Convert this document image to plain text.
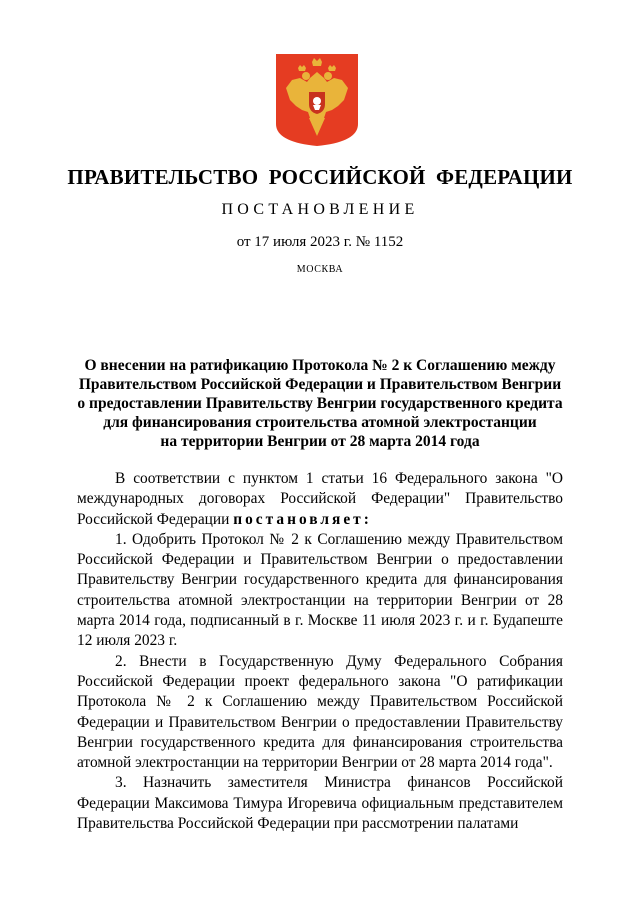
ПРАВИТЕЛЬСТВО РОССИЙСКОЙ ФЕДЕРАЦИИ
ПОСТАНОВЛЕНИЕ
от 17 июля 2023 г. № 1152
МОСКВА
О внесении на ратификацию Протокола № 2 к Соглашению между
Правительством Российской Федерации и Правительством Венгрии
о предоставлении Правительству Венгрии государственного кредита
для финансирования строительства атомной электростанции
на территории Венгрии от 28 марта 2014 года

В соответствии с пунктом 1 статьи 16 Федерального закона "О международных договорах Российской Федерации" Правительство Российской Федерации постановляет:

1. Одобрить Протокол № 2 к Соглашению между Правительством Российской Федерации и Правительством Венгрии о предоставлении Правительству Венгрии государственного кредита для финансирования строительства атомной электростанции на территории Венгрии от 28 марта 2014 года, подписанный в г. Москве 11 июля 2023 г. и г. Будапеште 12 июля 2023 г.

2. Внести в Государственную Думу Федерального Собрания Российской Федерации проект федерального закона "О ратификации Протокола № 2 к Соглашению между Правительством Российской Федерации и Правительством Венгрии о предоставлении Правительству Венгрии государственного кредита для финансирования строительства атомной электростанции на территории Венгрии от 28 марта 2014 года".

3. Назначить заместителя Министра финансов Российской Федерации Максимова Тимура Игоревича официальным представителем Правительства Российской Федерации при рассмотрении палатами
